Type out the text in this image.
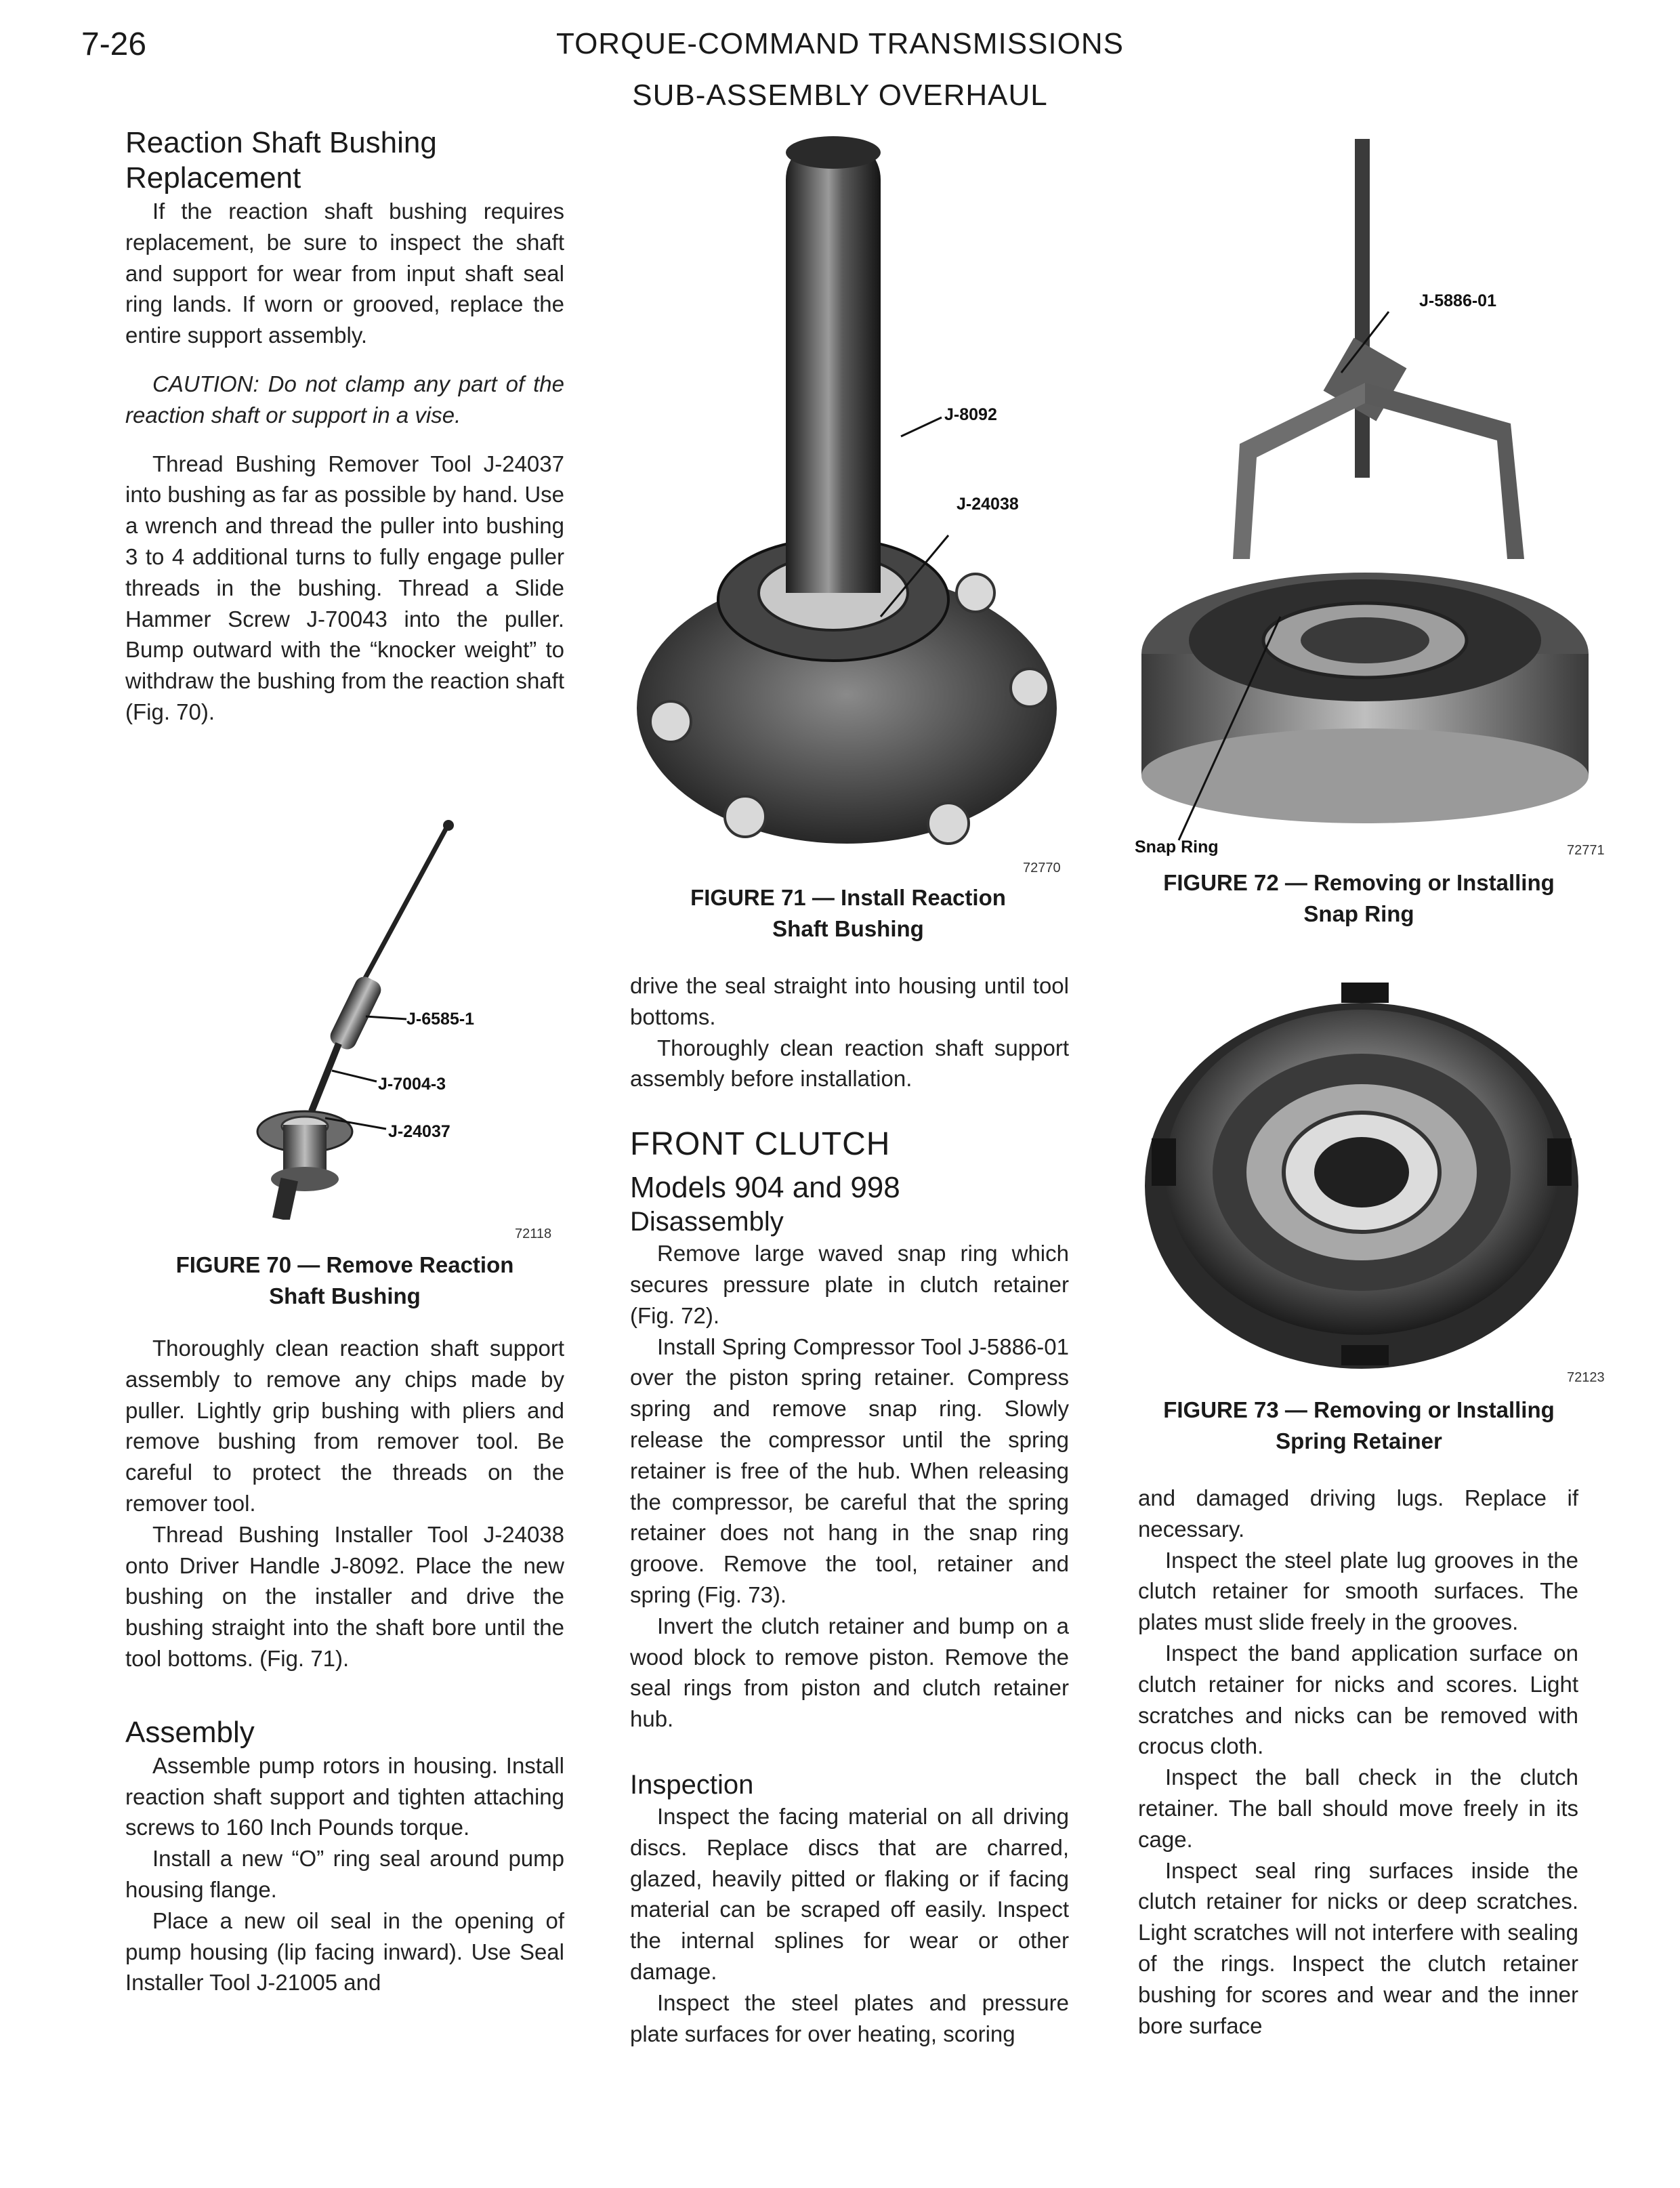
7-26	TORQUE-COMMAND TRANSMISSIONS
SUB-ASSEMBLY OVERHAUL
Reaction Shaft Bushing
Replacement

If the reaction shaft bushing requires replacement, be sure to inspect the shaft and support for wear from input shaft seal ring lands. If worn or grooved, replace the entire support assembly.

CAUTION: Do not clamp any part of the reaction shaft or support in a vise.

Thread Bushing Remover Tool J-24037 into bushing as far as possible by hand. Use a wrench and thread the puller into bushing 3 to 4 additional turns to fully engage puller threads in the bushing. Thread a Slide Hammer Screw J-70043 into the puller. Bump outward with the “knocker weight” to withdraw the bushing from the reaction shaft (Fig. 70).

J-6585-1
J-7004-3
J-24037
72118
FIGURE 70 — Remove Reaction
Shaft Bushing

Thoroughly clean reaction shaft support assembly to remove any chips made by puller. Lightly grip bushing with pliers and remove bushing from remover tool. Be careful to protect the threads on the remover tool.

Thread Bushing Installer Tool J-24038 onto Driver Handle J-8092. Place the new bushing on the installer and drive the bushing straight into the shaft bore until the tool bottoms. (Fig. 71).

Assembly

Assemble pump rotors in housing. Install reaction shaft support and tighten attaching screws to 160 Inch Pounds torque.

Install a new “O” ring seal around pump housing flange.

Place a new oil seal in the opening of pump housing (lip facing inward). Use Seal Installer Tool J-21005 and

J-8092
J-24038
72770
FIGURE 71 — Install Reaction
Shaft Bushing

drive the seal straight into housing until tool bottoms.

Thoroughly clean reaction shaft support assembly before installation.

FRONT CLUTCH
Models 904 and 998
Disassembly

Remove large waved snap ring which secures pressure plate in clutch retainer (Fig. 72).

Install Spring Compressor Tool J-5886-01 over the piston spring retainer. Compress spring and remove snap ring. Slowly release the compressor until the spring retainer is free of the hub. When releasing the compressor, be careful that the spring retainer does not hang in the snap ring groove. Remove the tool, retainer and spring (Fig. 73).

Invert the clutch retainer and bump on a wood block to remove piston. Remove the seal rings from piston and clutch retainer hub.

Inspection

Inspect the facing material on all driving discs. Replace discs that are charred, glazed, heavily pitted or flaking or if facing material can be scraped off easily. Inspect the internal splines for wear or other damage.

Inspect the steel plates and pressure plate surfaces for over heating, scoring

J-5886-01
Snap Ring	72771
FIGURE 72 — Removing or Installing
Snap Ring
72123
FIGURE 73 — Removing or Installing
Spring Retainer

and damaged driving lugs. Replace if necessary.

Inspect the steel plate lug grooves in the clutch retainer for smooth surfaces. The plates must slide freely in the grooves.

Inspect the band application surface on clutch retainer for nicks and scores. Light scratches and nicks can be removed with crocus cloth.

Inspect the ball check in the clutch retainer. The ball should move freely in its cage.

Inspect seal ring surfaces inside the clutch retainer for nicks or deep scratches. Light scratches will not interfere with sealing of the rings. Inspect the clutch retainer bushing for scores and wear and the inner bore surface
